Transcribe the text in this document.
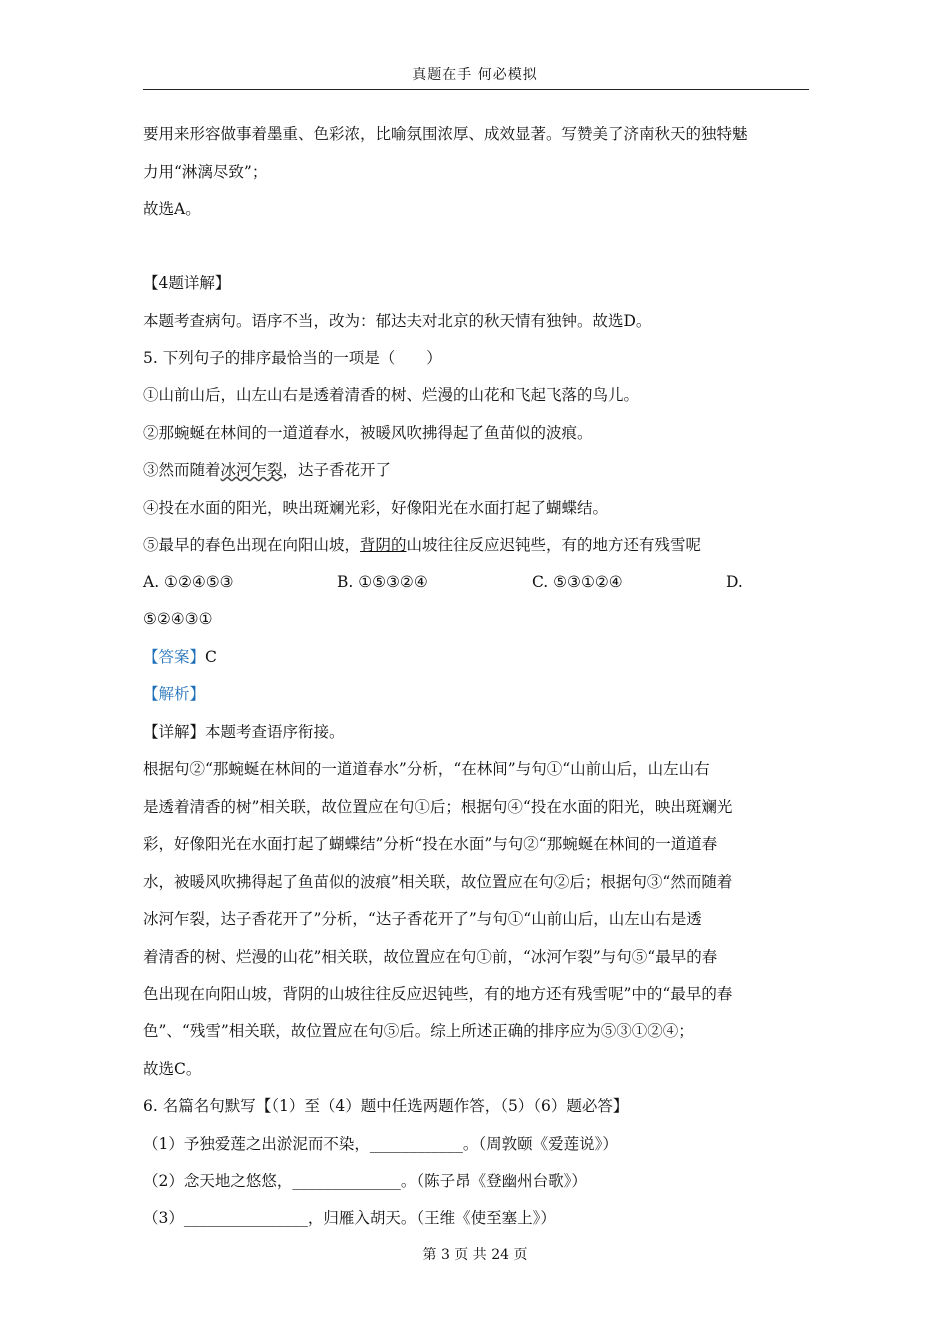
真题在手 何必模拟
要用来形容做事着墨重、色彩浓，比喻氛围浓厚、成效显著。写赞美了济南秋天的独特魅
力用“淋漓尽致”；
故选A。
【4题详解】
本题考查病句。语序不当，改为：郁达夫对北京的秋天情有独钟。故选D。
5. 下列句子的排序最恰当的一项是（　　）
①山前山后，山左山右是透着清香的树、烂漫的山花和飞起飞落的鸟儿。
②那蜿蜒在林间的一道道春水，被暖风吹拂得起了鱼苗似的波痕。
③然而随着冰河乍裂，达子香花开了
④投在水面的阳光，映出斑斓光彩，好像阳光在水面打起了蝴蝶结。
⑤最早的春色出现在向阳山坡，背阴的山坡往往反应迟钝些，有的地方还有残雪呢
A. ①②④⑤③	B. ①⑤③②④	C. ⑤③①②④	D.
⑤②④③①
【答案】C
【解析】
【详解】本题考查语序衔接。
根据句②“那蜿蜒在林间的一道道春水”分析，“在林间”与句①“山前山后，山左山右
是透着清香的树”相关联，故位置应在句①后；根据句④“投在水面的阳光，映出斑斓光
彩，好像阳光在水面打起了蝴蝶结”分析“投在水面”与句②“那蜿蜒在林间的一道道春
水，被暖风吹拂得起了鱼苗似的波痕”相关联，故位置应在句②后；根据句③“然而随着
冰河乍裂，达子香花开了”分析，“达子香花开了”与句①“山前山后，山左山右是透
着清香的树、烂漫的山花”相关联，故位置应在句①前，“冰河乍裂”与句⑤“最早的春
色出现在向阳山坡，背阴的山坡往往反应迟钝些，有的地方还有残雪呢”中的“最早的春
色”、“残雪”相关联，故位置应在句⑤后。综上所述正确的排序应为⑤③①②④；
故选C。
6. 名篇名句默写【（1）至（4）题中任选两题作答，（5）（6）题必答】
（1）予独爱莲之出淤泥而不染，____________。（周敦颐《爱莲说》）
（2）念天地之悠悠，______________。（陈子昂《登幽州台歌》）
（3）________________，归雁入胡天。（王维《使至塞上》）
第 3 页 共 24 页
